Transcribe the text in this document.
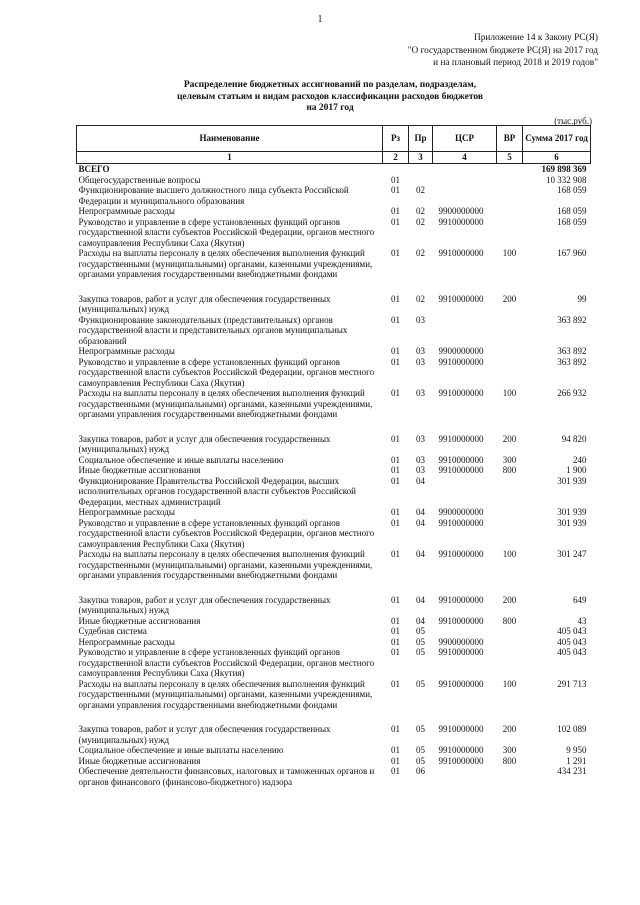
1
Приложение 14 к Закону РС(Я)
"О государственном бюджете РС(Я) на 2017 год
и на плановый период 2018 и 2019 годов"
Распределение бюджетных ассигнований по разделам, подразделам,
целевым статьям и видам расходов классификации расходов бюджетов
на 2017 год
(тыс.руб.)
Наименование	Рз	Пр	ЦСР	ВР	Сумма 2017 год
1	2	3	4	5	6
ВСЕГО					169 898 369
Общегосударственные вопросы	01				10 332 908
Функционирование высшего должностного лица субъекта Российской Федерации и муниципального образования	01	02			168 059
Непрограммные расходы	01	02	9900000000		168 059
Руководство и управление в сфере установленных функций органов государственной власти субъектов Российской Федерации, органов местного самоуправления Республики Саха (Якутия)	01	02	9910000000		168 059
Расходы на выплаты персоналу в целях обеспечения выполнения функций государственными (муниципальными) органами, казенными учреждениями, органами управления государственными внебюджетными фондами	01	02	9910000000	100	167 960

Закупка товаров, работ и услуг для обеспечения государственных (муниципальных) нужд	01	02	9910000000	200	99
Функционирование законодательных (представительных) органов государственной власти и представительных органов муниципальных образований	01	03			363 892
Непрограммные расходы	01	03	9900000000		363 892
Руководство и управление в сфере установленных функций органов государственной власти субъектов Российской Федерации, органов местного самоуправления Республики Саха (Якутия)	01	03	9910000000		363 892
Расходы на выплаты персоналу в целях обеспечения выполнения функций государственными (муниципальными) органами, казенными учреждениями, органами управления государственными внебюджетными фондами	01	03	9910000000	100	266 932

Закупка товаров, работ и услуг для обеспечения государственных (муниципальных) нужд	01	03	9910000000	200	94 820
Социальное обеспечение и иные выплаты населению	01	03	9910000000	300	240
Иные бюджетные ассигнования	01	03	9910000000	800	1 900
Функционирование Правительства Российской Федерации, высших исполнительных органов государственной власти субъектов Российской Федерации, местных администраций	01	04			301 939
Непрограммные расходы	01	04	9900000000		301 939
Руководство и управление в сфере установленных функций органов государственной власти субъектов Российской Федерации, органов местного самоуправления Республики Саха (Якутия)	01	04	9910000000		301 939
Расходы на выплаты персоналу в целях обеспечения выполнения функций государственными (муниципальными) органами, казенными учреждениями, органами управления государственными внебюджетными фондами	01	04	9910000000	100	301 247

Закупка товаров, работ и услуг для обеспечения государственных (муниципальных) нужд	01	04	9910000000	200	649
Иные бюджетные ассигнования	01	04	9910000000	800	43
Судебная система	01	05			405 043
Непрограммные расходы	01	05	9900000000		405 043
Руководство и управление в сфере установленных функций органов государственной власти субъектов Российской Федерации, органов местного самоуправления Республики Саха (Якутия)	01	05	9910000000		405 043
Расходы на выплаты персоналу в целях обеспечения выполнения функций государственными (муниципальными) органами, казенными учреждениями, органами управления государственными внебюджетными фондами	01	05	9910000000	100	291 713

Закупка товаров, работ и услуг для обеспечения государственных (муниципальных) нужд	01	05	9910000000	200	102 089
Социальное обеспечение и иные выплаты населению	01	05	9910000000	300	9 950
Иные бюджетные ассигнования	01	05	9910000000	800	1 291
Обеспечение деятельности финансовых, налоговых и таможенных органов и органов финансового (финансово-бюджетного) надзора	01	06			434 231
